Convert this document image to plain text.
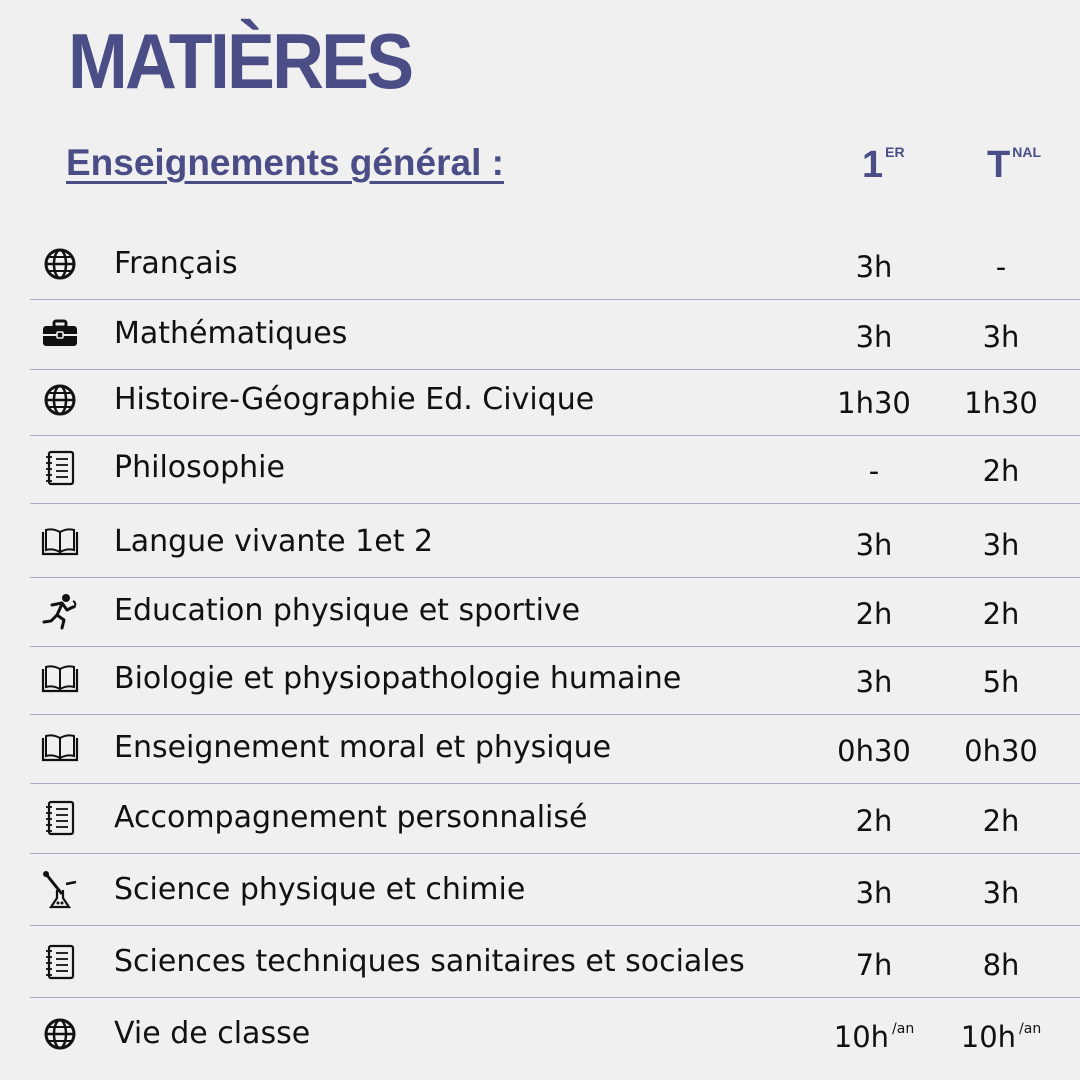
MATIÈRES
Enseignements général :	1 $^{ER}$ T $^{NAL}$
Français	3h	-
Mathématiques	3h	3h
Histoire-Géographie Ed. Civique	1h30	1h30
Philosophie	-	2h
Langue vivante 1et 2	3h	3h
Education physique et sportive	2h	2h
Biologie et physiopathologie humaine	3h	5h
Enseignement moral et physique	0h30	0h30
Accompagnement personnalisé	2h	2h
Science physique et chimie	3h	3h
Sciences techniques sanitaires et sociales	7h	8h
Vie de classe	10h $^{/an}$	10h $^{/an}$
